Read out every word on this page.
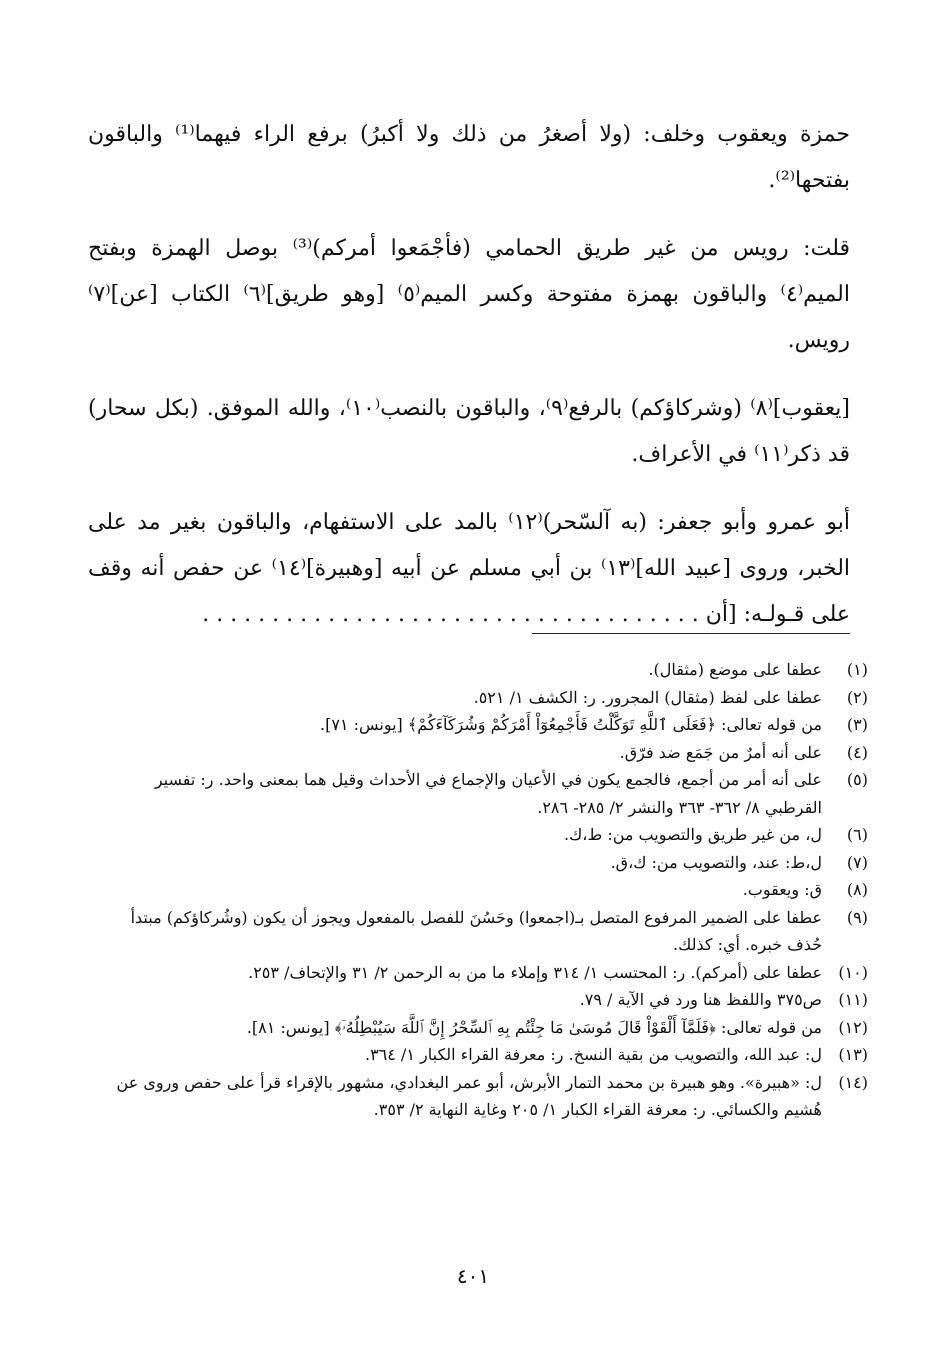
حمزة ويعقوب وخلف: (ولا أصغرُ من ذلك ولا أكبرُ) برفع الراء فيهما⁽¹⁾ والباقون بفتحها⁽²⁾.

قلت: رويس من غير طريق الحمامي (فأجْمَعوا أمركم)⁽³⁾ بوصل الهمزة وبفتح الميم⁽٤⁾ والباقون بهمزة مفتوحة وكسر الميم⁽٥⁾ [وهو طريق]⁽٦⁾ الكتاب [عن]⁽٧⁾ رويس.

[يعقوب]⁽٨⁾ (وشركاؤكم) بالرفع⁽٩⁾، والباقون بالنصب⁽١٠⁾، والله الموفق. (بكل سحار) قد ذكر⁽١١⁾ في الأعراف.

أبو عمرو وأبو جعفر: (به آلسّحر)⁽١٢⁾ بالمد على الاستفهام، والباقون بغير مد على الخبر، وروى [عبيد الله]⁽١٣⁾ بن أبي مسلم عن أبيه [وهبيرة]⁽١٤⁾ عن حفص أنه وقف على قـولـه: [أن . . . . . . . . . . . . . . . . . . . . . . . . . . . . . . . . . . . .

(١)
عطفا على موضع (مثقال).
(٢)
عطفا على لفظ (مثقال) المجرور. ر: الكشف ١/ ٥٢١.
(٣)
من قوله تعالى: ﴿فَعَلَى ٱللَّهِ تَوَكَّلْتُ فَأَجْمِعُوٓاْ أَمْرَكُمْ وَشُرَكَآءَكُمْ﴾ [يونس: ٧١].
(٤)
على أنه أمرٌ من جَمَع ضد فرّق.
(٥)
على أنه أمر من أجمع، فالجمع يكون في الأعيان والإجماع في الأحداث وقيل هما بمعنى واحد. ر: تفسير القرطبي ٨/ ٣٦٢- ٣٦٣ والنشر ٢/ ٢٨٥- ٢٨٦.
(٦)
ل، من غير طريق والتصويب من: ط،ك.
(٧)
ل،ط: عند، والتصويب من: ك،ق.
(٨)
ق: ويعقوب.
(٩)
عطفا على الضمير المرفوع المتصل بـ(اجمعوا) وحَسُنَ للفصل بالمفعول ويجوز أن يكون (وشُركاؤكم) مبتدأ حُذف خبره. أي: كذلك.
(١٠)
عطفا على (أمركم). ر: المحتسب ١/ ٣١٤ وإملاء ما من به الرحمن ٢/ ٣١ والإتحاف/ ٢٥٣.
(١١)
ص٣٧٥ واللفظ هنا ورد في الآية / ٧٩.
(١٢)
من قوله تعالى: ﴿فَلَمَّآ أَلْقَوْاْ قَالَ مُوسَىٰ مَا جِئْتُم بِهِ ٱلسِّحْرُ إِنَّ ٱللَّهَ سَيُبْطِلُهُۥٓ﴾ [يونس: ٨١].
(١٣)
ل: عبد الله، والتصويب من بقية النسخ. ر: معرفة القراء الكبار ١/ ٣٦٤.
(١٤)
ل: «هبيرة». وهو هبيرة بن محمد التمار الأبرش، أبو عمر البغدادي، مشهور بالإقراء قرأ على حفص وروى عن هُشيم والكسائي. ر: معرفة القراء الكبار ١/ ٢٠٥ وغاية النهاية ٢/ ٣٥٣.
٤٠١
